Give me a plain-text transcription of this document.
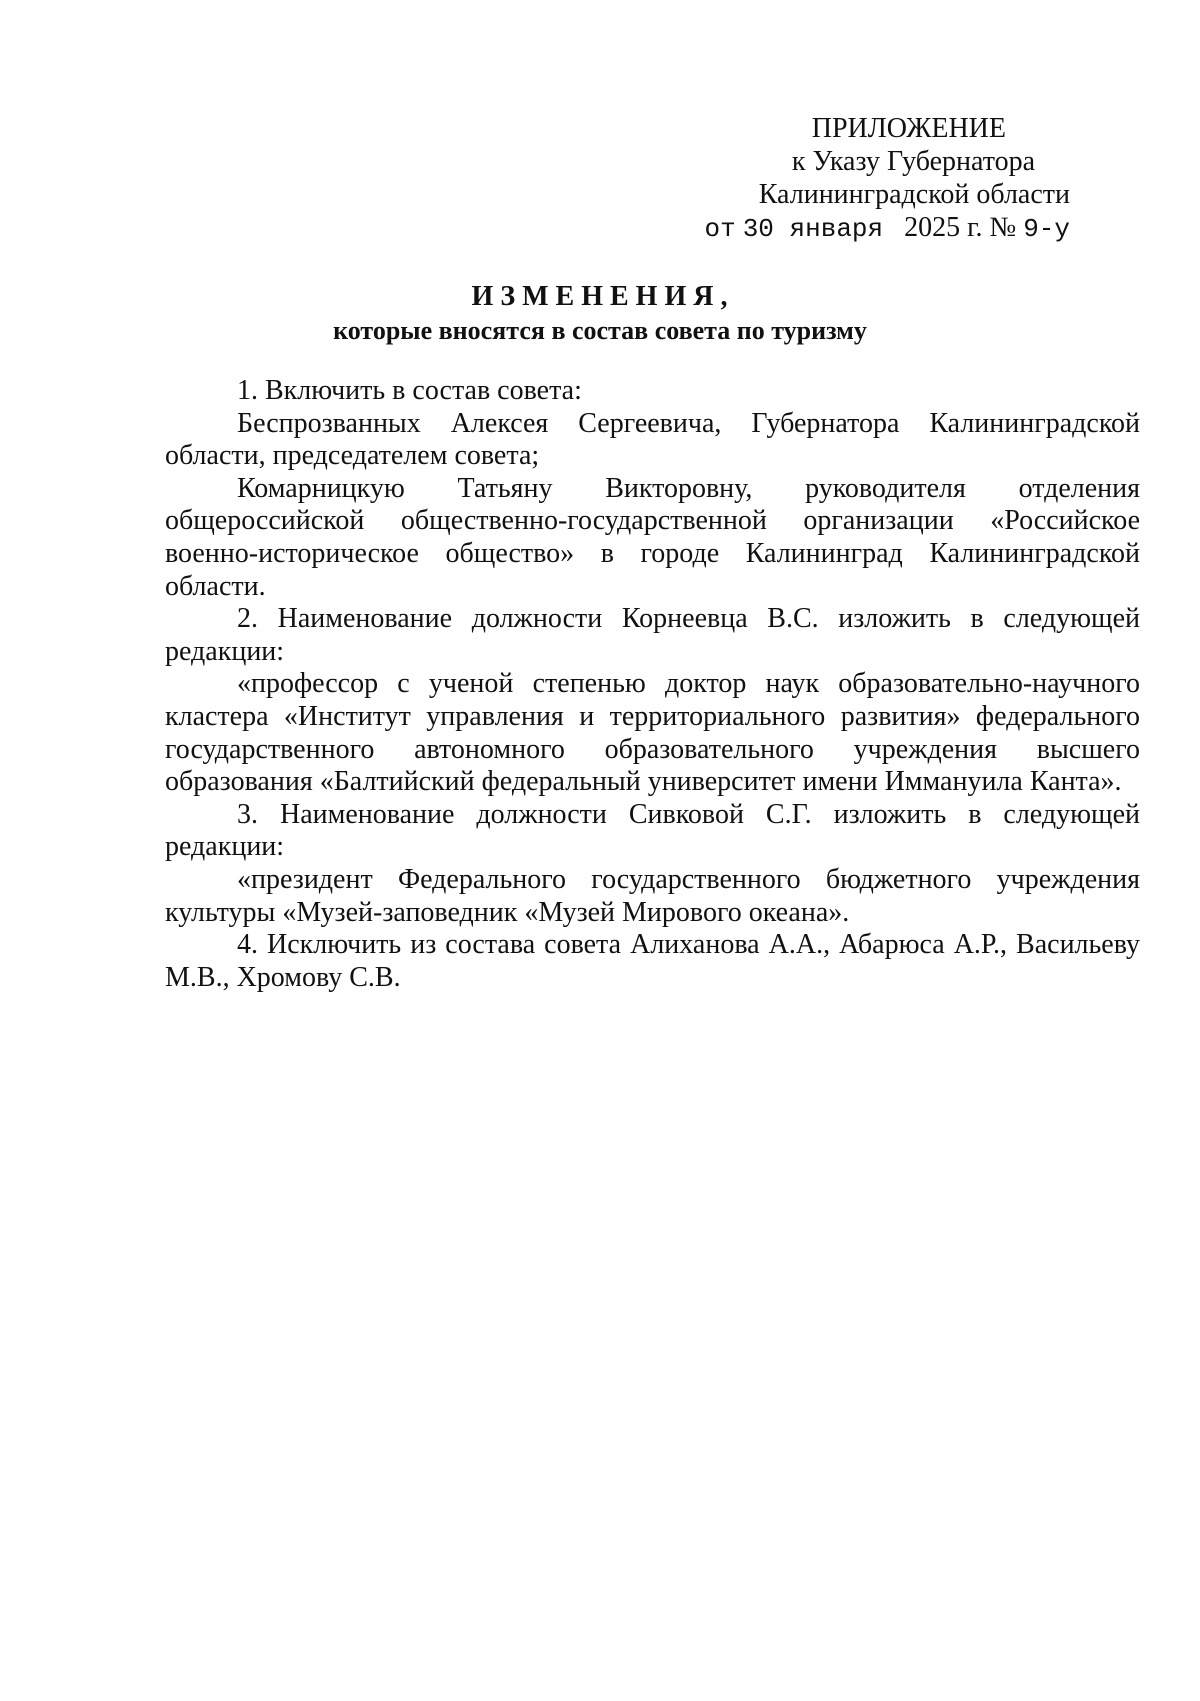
ПРИЛОЖЕНИЕ
к Указу Губернатора
Калининградской области
от 30 января 2025 г. № 9-у
ИЗМЕНЕНИЯ,
которые вносятся в состав совета по туризму

1. Включить в состав совета:

Беспрозванных Алексея Сергеевича, Губернатора Калининградской области, председателем совета;

Комарницкую Татьяну Викторовну, руководителя отделения общероссийской общественно-государственной организации «Российское военно-историческое общество» в городе Калининград Калининградской области.

2. Наименование должности Корнеевца В.С. изложить в следующей редакции:

«профессор с ученой степенью доктор наук образовательно-научного кластера «Институт управления и территориального развития» федерального государственного автономного образовательного учреждения высшего образования «Балтийский федеральный университет имени Иммануила Канта».

3. Наименование должности Сивковой С.Г. изложить в следующей редакции:

«президент Федерального государственного бюджетного учреждения культуры «Музей-заповедник «Музей Мирового океана».

4. Исключить из состава совета Алиханова А.А., Абарюса А.Р., Васильеву М.В., Хромову С.В.
